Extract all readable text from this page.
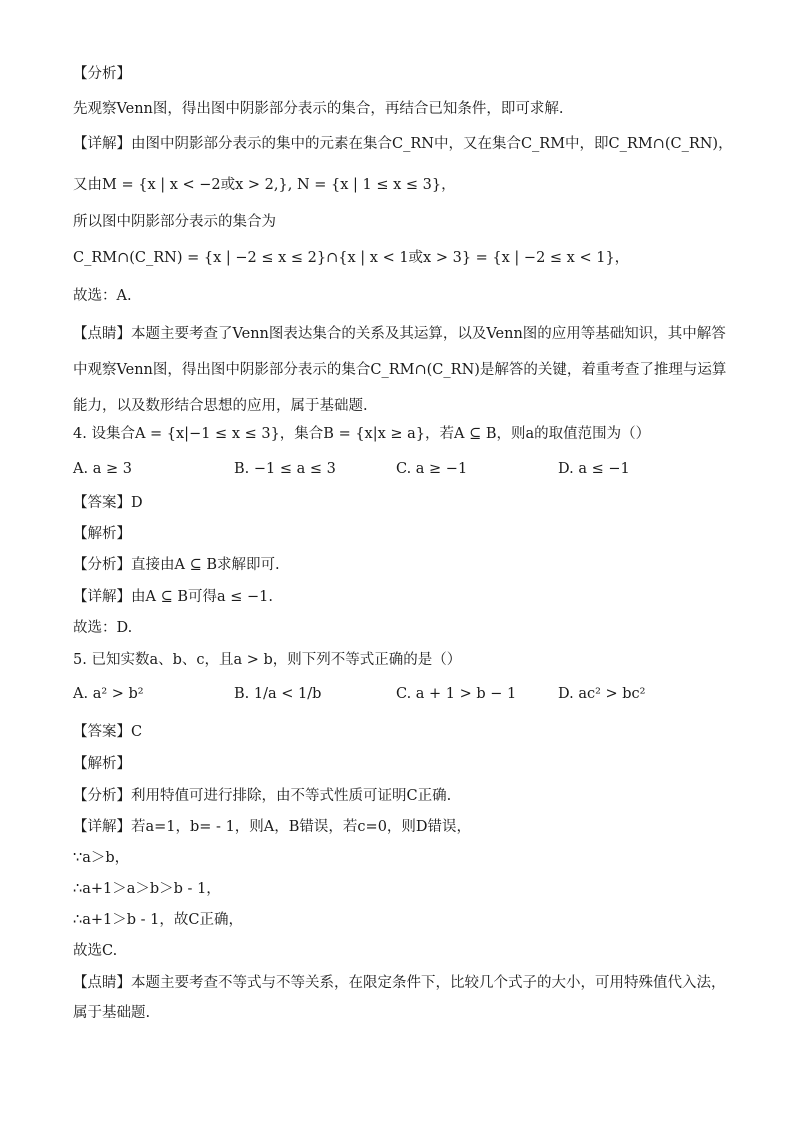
【分析】
先观察Venn图，得出图中阴影部分表示的集合，再结合已知条件，即可求解.
【详解】由图中阴影部分表示的集中的元素在集合C_RN中，又在集合C_RM中，即C_RM∩(C_RN)，
又由M = {x | x < −2或x > 2,}, N = {x | 1 ≤ x ≤ 3}，
所以图中阴影部分表示的集合为
C_RM∩(C_RN) = {x | −2 ≤ x ≤ 2}∩{x | x < 1或x > 3} = {x | −2 ≤ x < 1}，
故选：A.
【点睛】本题主要考查了Venn图表达集合的关系及其运算，以及Venn图的应用等基础知识，其中解答中观察Venn图，得出图中阴影部分表示的集合C_RM∩(C_RN)是解答的关键，着重考查了推理与运算能力，以及数形结合思想的应用，属于基础题.
4. 设集合A = {x|−1 ≤ x ≤ 3}，集合B = {x|x ≥ a}，若A ⊆ B，则a的取值范围为（）
A. a ≥ 3	B. −1 ≤ a ≤ 3	C. a ≥ −1	D. a ≤ −1
【答案】D
【解析】
【分析】直接由A ⊆ B求解即可.
【详解】由A ⊆ B可得a ≤ −1.
故选：D.
5. 已知实数a、b、c，且a > b，则下列不等式正确的是（）
A. a² > b²	B. 1/a < 1/b	C. a + 1 > b − 1	D. ac² > bc²
【答案】C
【解析】
【分析】利用特值可进行排除，由不等式性质可证明C正确.
【详解】若a=1，b= - 1，则A，B错误，若c=0，则D错误，
∵a＞b，
∴a+1＞a＞b＞b - 1，
∴a+1＞b - 1，故C正确，
故选C.
【点睛】本题主要考查不等式与不等关系，在限定条件下，比较几个式子的大小，可用特殊值代入法，属于基础题.
